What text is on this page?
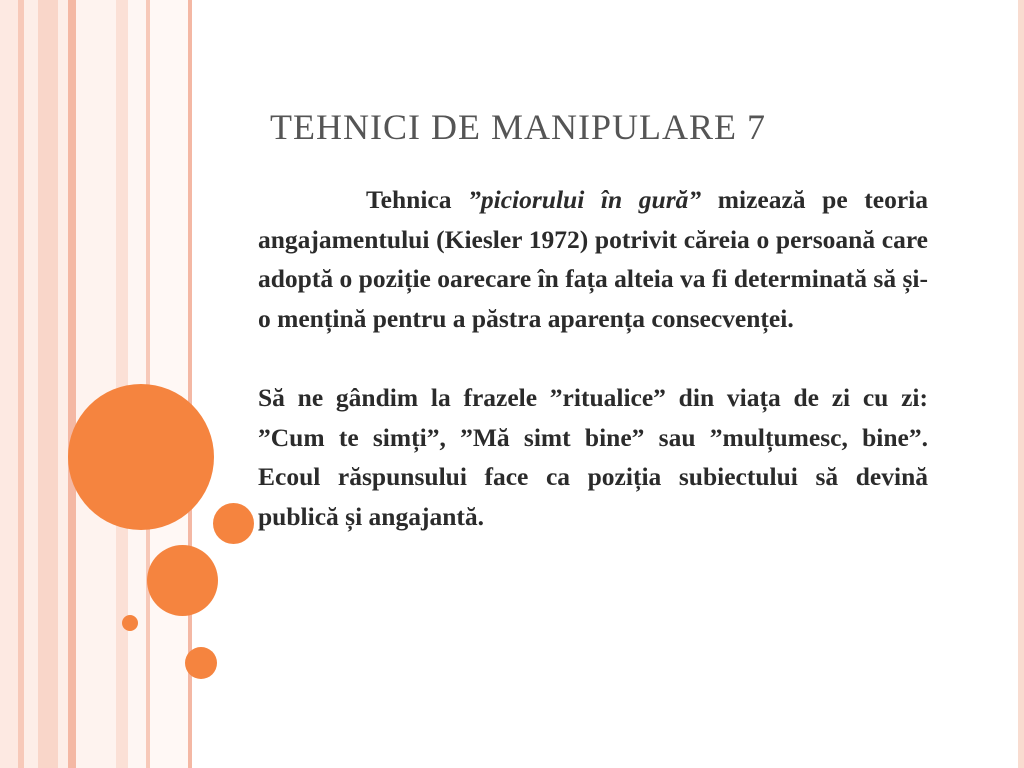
TEHNICI DE MANIPULARE 7

Tehnica ”piciorului în gură” mizează pe teoria angajamentului (Kiesler 1972) potrivit căreia o persoană care adoptă o poziție oarecare în fața alteia va fi determinată să și-o mențină pentru a păstra aparența consecvenței.

Să ne gândim la frazele ”ritualice” din viața de zi cu zi: ”Cum te simți”, ”Mă simt bine” sau ”mulțumesc, bine”. Ecoul răspunsului face ca poziția subiectului să devină publică și angajantă.
